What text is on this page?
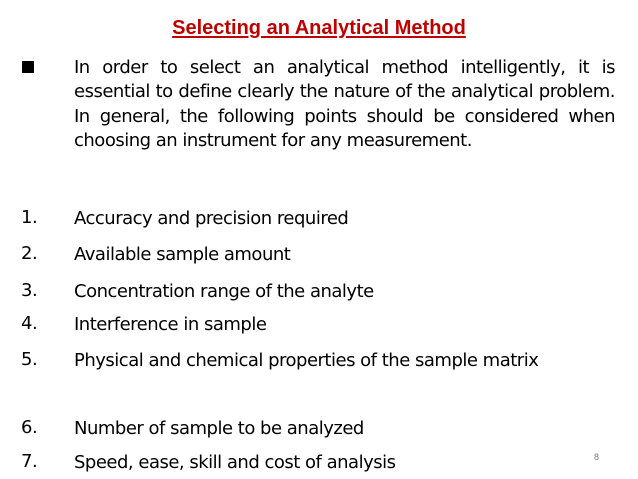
Selecting an Analytical Method
In order to select an analytical method intelligently, it is essential to define clearly the nature of the analytical problem. In general, the following points should be considered when choosing an instrument for any measurement.
1. Accuracy and precision required
2. Available sample amount
3. Concentration range of the analyte
4. Interference in sample
5. Physical and chemical properties of the sample matrix
6. Number of sample to be analyzed
7. Speed, ease, skill and cost of analysis	8
